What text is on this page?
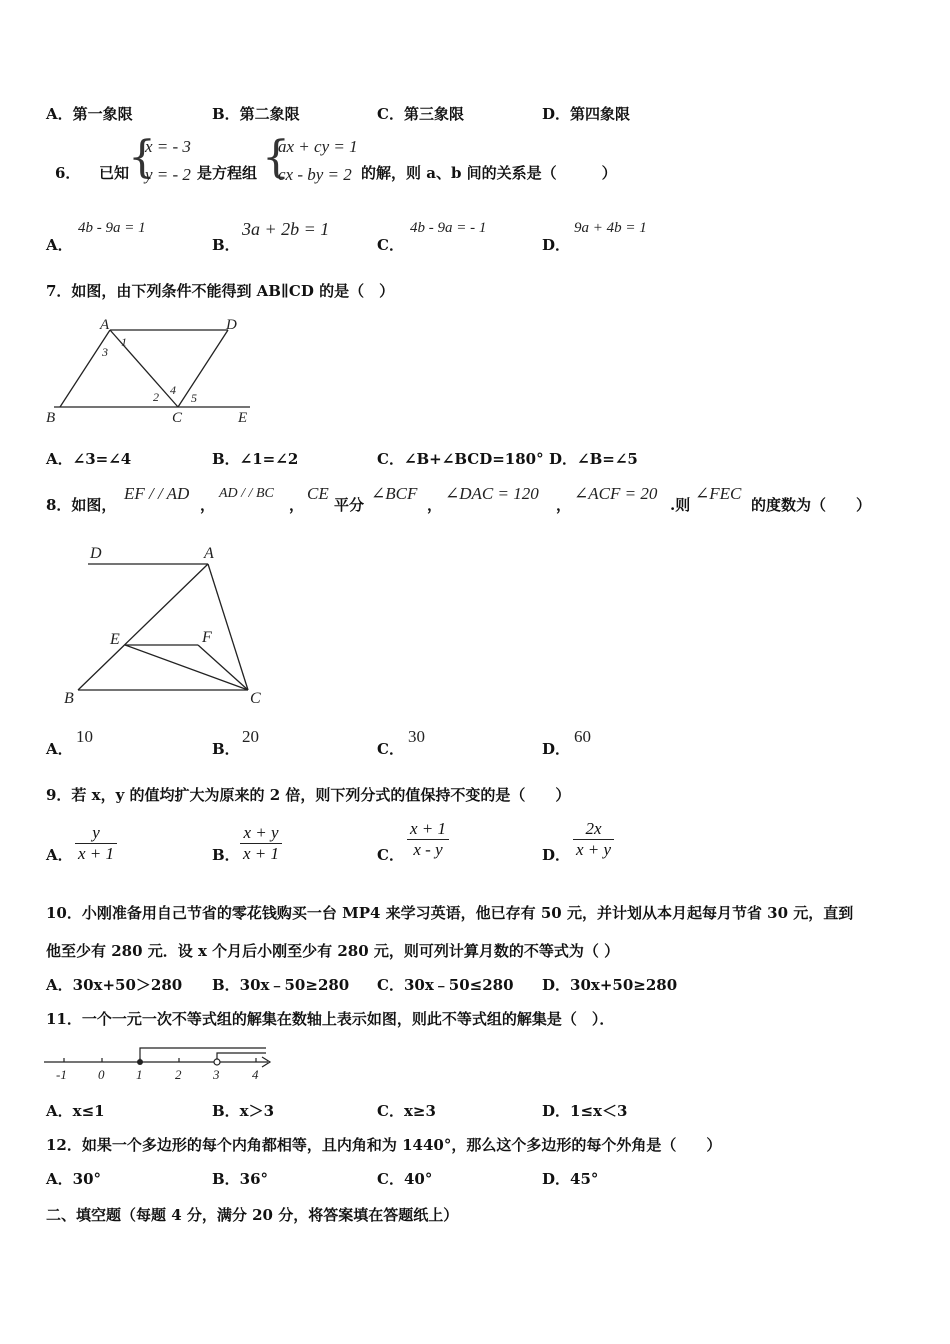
A．第一象限	B．第二象限	C．第三象限	D．第四象限
6． 已知
{
x = - 3
y = - 2 是方程组 {
ax + cy = 1
cx - by = 2 的解，则 a、b 间的关系是（　　　）
A．
4b - 9a = 1
B．
3a + 2b = 1
C．
4b - 9a = - 1
D．
9a + 4b = 1
7．如图，由下列条件不能得到 AB∥CD 的是（　）
A	D
B	C	E
1
2
3
4
5
A．∠3=∠4	B．∠1=∠2	C．∠B+∠BCD=180° D．∠B=∠5
8．如图，
EF / / AD
，
AD / / BC
，
CE
平分
∠BCF
，
∠DAC = 120
，
∠ACF = 20
.则
∠FEC
的度数为（　　）
D	A
E	F
B	C
A．
10
B．
20
C．
30
D．
60
9．若 x，y 的值均扩大为原来的 2 倍，则下列分式的值保持不变的是（　　）
A． $\frac{y}{x + 1}$	B． $\frac{x + y}{x + 1}$	C． $\frac{x + 1}{x - y}$	D． $\frac{2x}{x + y}$
10．小刚准备用自己节省的零花钱购买一台 MP4 来学习英语，他已存有 50 元，并计划从本月起每月节省 30 元，直到
他至少有 280 元．设 x 个月后小刚至少有 280 元，则可列计算月数的不等式为（ ）
A．30x+50＞280 B．30x﹣50≥280 C．30x﹣50≤280 D．30x+50≥280
11．一个一元一次不等式组的解集在数轴上表示如图，则此不等式组的解集是（　）．
-1 0 1	2 3	4
A．x≤1	B．x＞3	C．x≥3	D．1≤x＜3
12．如果一个多边形的每个内角都相等，且内角和为 1440°，那么这个多边形的每个外角是（　　）
A．30°	B．36°	C．40°	D．45°
二、填空题（每题 4 分，满分 20 分，将答案填在答题纸上）
